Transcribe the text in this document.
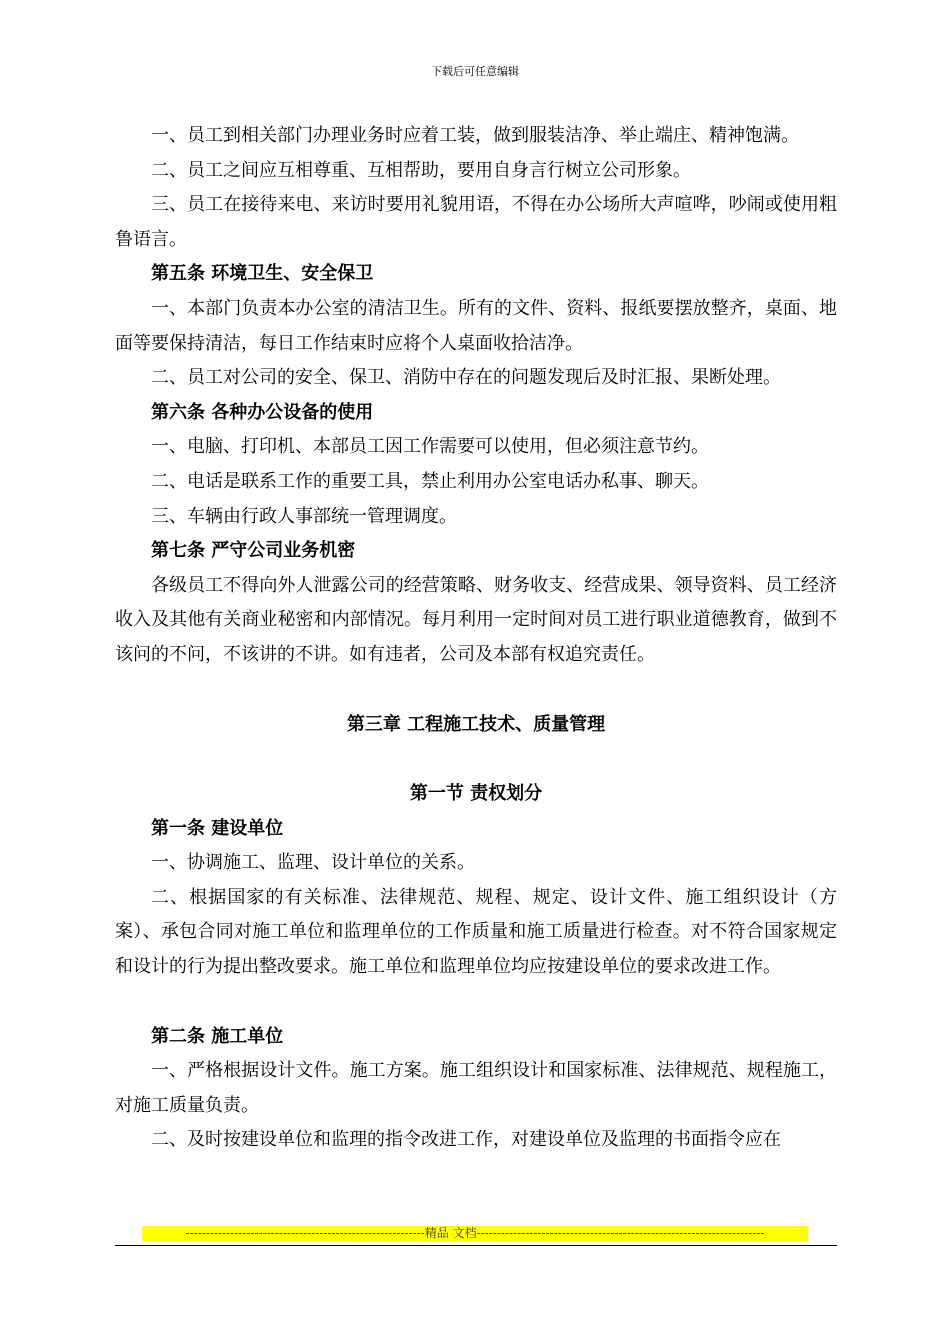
下载后可任意编辑

一、员工到相关部门办理业务时应着工装，做到服装洁净、举止端庄、精神饱满。

二、员工之间应互相尊重、互相帮助，要用自身言行树立公司形象。

三、员工在接待来电、来访时要用礼貌用语，不得在办公场所大声喧哗，吵闹或使用粗鲁语言。

第五条 环境卫生、安全保卫

一、本部门负责本办公室的清洁卫生。所有的文件、资料、报纸要摆放整齐，桌面、地面等要保持清洁，每日工作结束时应将个人桌面收拾洁净。

二、员工对公司的安全、保卫、消防中存在的问题发现后及时汇报、果断处理。

第六条 各种办公设备的使用

一、电脑、打印机、本部员工因工作需要可以使用，但必须注意节约。

二、电话是联系工作的重要工具，禁止利用办公室电话办私事、聊天。

三、车辆由行政人事部统一管理调度。

第七条 严守公司业务机密

各级员工不得向外人泄露公司的经营策略、财务收支、经营成果、领导资料、员工经济收入及其他有关商业秘密和内部情况。每月利用一定时间对员工进行职业道德教育，做到不该问的不问，不该讲的不讲。如有违者，公司及本部有权追究责任。

第三章 工程施工技术、质量管理

第一节 责权划分

第一条 建设单位

一、协调施工、监理、设计单位的关系。

二、根据国家的有关标准、法律规范、规程、规定、设计文件、施工组织设计（方案）、承包合同对施工单位和监理单位的工作质量和施工质量进行检查。对不符合国家规定和设计的行为提出整改要求。施工单位和监理单位均应按建设单位的要求改进工作。

第二条 施工单位

一、严格根据设计文件。施工方案。施工组织设计和国家标准、法律规范、规程施工，对施工质量负责。

二、及时按建设单位和监理的指令改进工作，对建设单位及监理的书面指令应在

-----------------------------------------------------------精品 文档-----------------------------------------------------------------------
